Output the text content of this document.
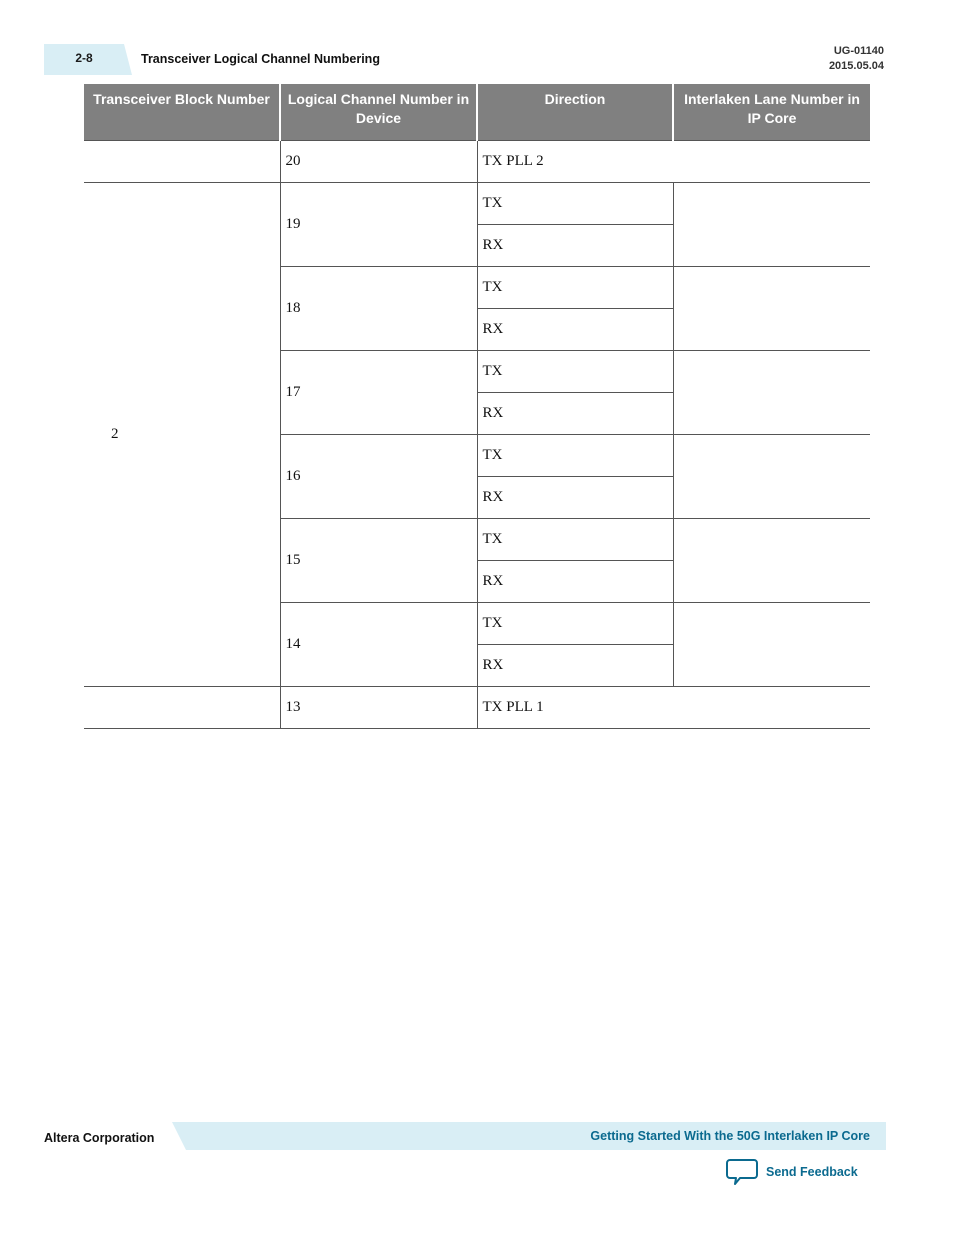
2-8	Transceiver Logical Channel Numbering
UG-01140
2015.05.04
Transceiver Block Number	Logical Channel Number in Device	Direction	Interlaken Lane Number in IP Core
	20	TX PLL 2	
2	19	TX	
		RX	
	18	TX	
		RX	
	17	TX	
		RX	
	16	TX	
		RX	
	15	TX	
		RX	
	14	TX	
		RX	
	13	TX PLL 1	
Altera Corporation	Getting Started With the 50G Interlaken IP Core
Send Feedback
